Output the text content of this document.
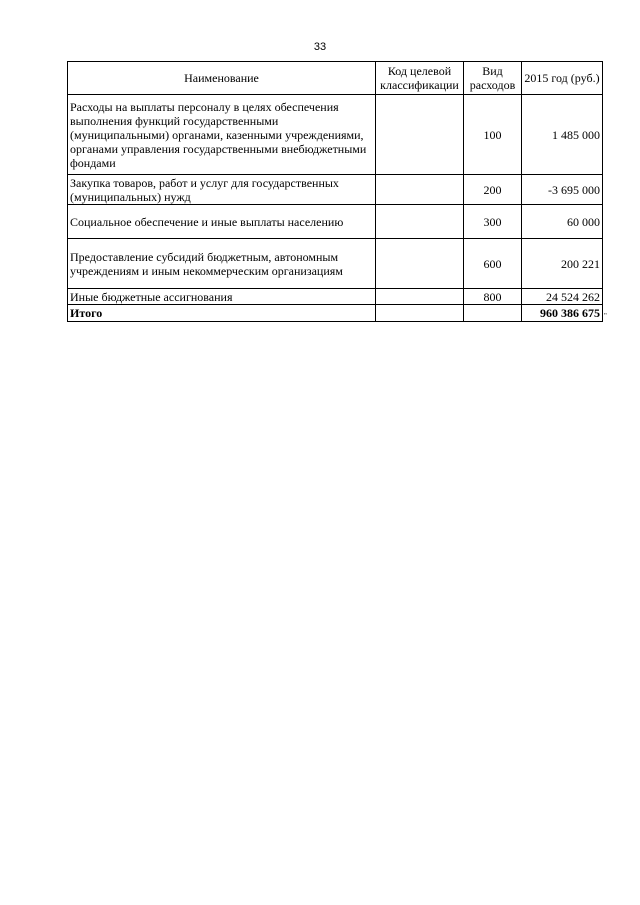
33
Наименование	Код целевой классификации	Вид расходов	2015 год (руб.)
Расходы на выплаты персоналу в целях обеспечения выполнения функций государственными (муниципальными) органами, казенными учреждениями, органами управления государственными внебюджетными фондами		100	1 485 000
Закупка товаров, работ и услуг для государственных (муниципальных) нужд		200	-3 695 000
Социальное обеспечение и иные выплаты населению		300	60 000
Предоставление субсидий бюджетным, автономным учреждениям и иным некоммерческим организациям		600	200 221
Иные бюджетные ассигнования		800	24 524 262
Итого			960 386 675 "
